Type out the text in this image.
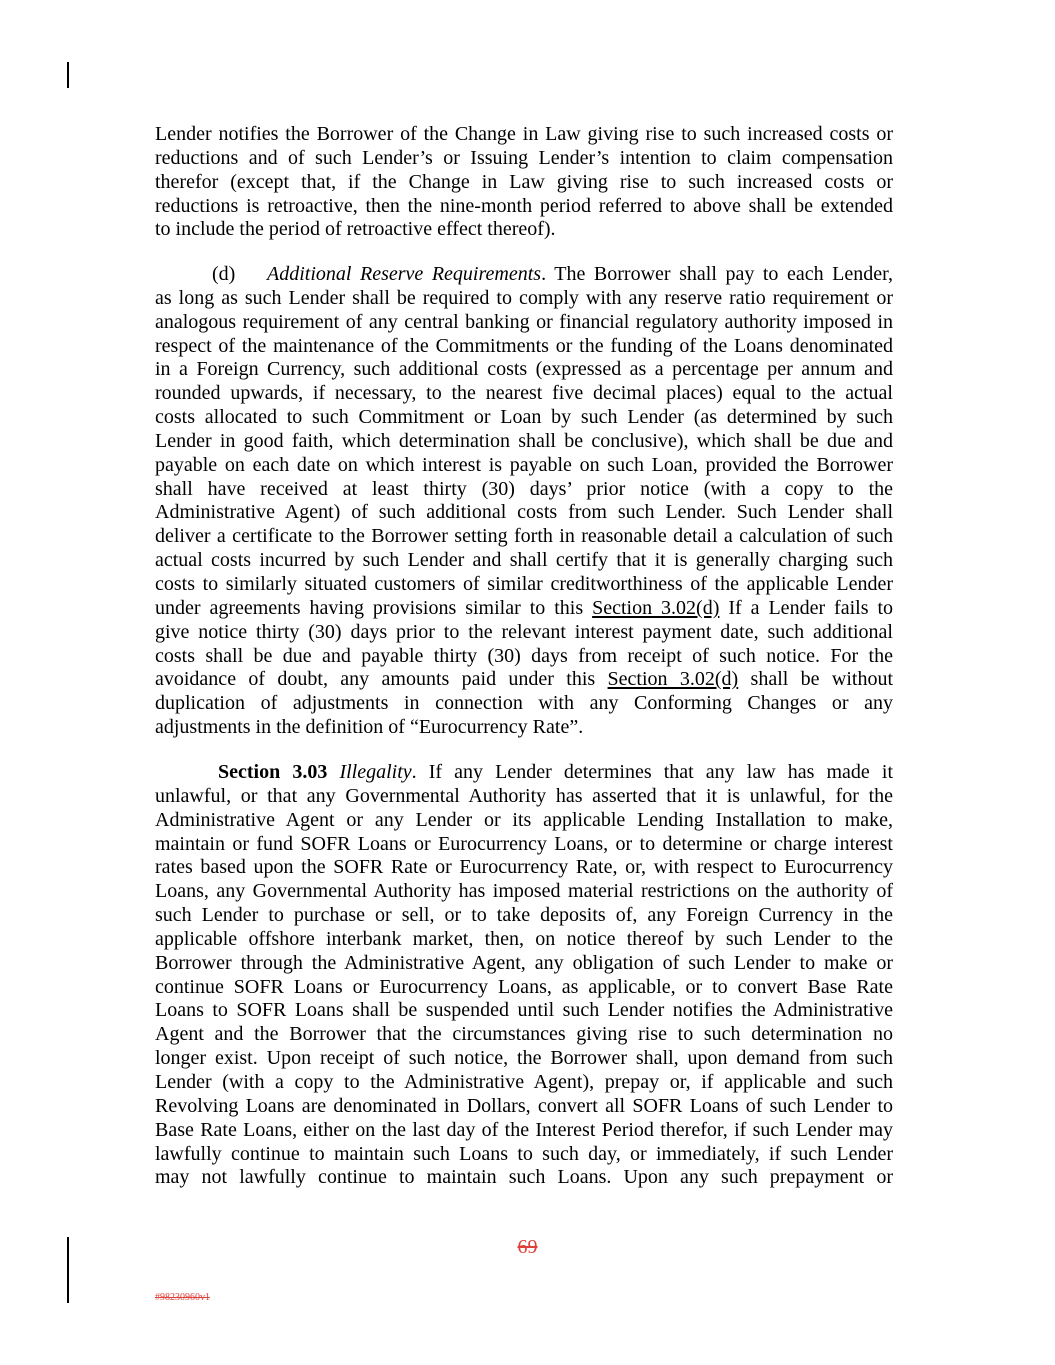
Lender notifies the Borrower of the Change in Law giving rise to such increased costs or
reductions and of such Lender’s or Issuing Lender’s intention to claim compensation
therefor (except that, if the Change in Law giving rise to such increased costs or
reductions is retroactive, then the nine-month period referred to above shall be extended
to include the period of retroactive effect thereof).
(d) Additional Reserve Requirements. The Borrower shall pay to each Lender,
as long as such Lender shall be required to comply with any reserve ratio requirement or
analogous requirement of any central banking or financial regulatory authority imposed in
respect of the maintenance of the Commitments or the funding of the Loans denominated
in a Foreign Currency, such additional costs (expressed as a percentage per annum and
rounded upwards, if necessary, to the nearest five decimal places) equal to the actual
costs allocated to such Commitment or Loan by such Lender (as determined by such
Lender in good faith, which determination shall be conclusive), which shall be due and
payable on each date on which interest is payable on such Loan, provided the Borrower
shall have received at least thirty (30) days’ prior notice (with a copy to the
Administrative Agent) of such additional costs from such Lender. Such Lender shall
deliver a certificate to the Borrower setting forth in reasonable detail a calculation of such
actual costs incurred by such Lender and shall certify that it is generally charging such
costs to similarly situated customers of similar creditworthiness of the applicable Lender
under agreements having provisions similar to this Section 3.02(d) If a Lender fails to
give notice thirty (30) days prior to the relevant interest payment date, such additional
costs shall be due and payable thirty (30) days from receipt of such notice. For the
avoidance of doubt, any amounts paid under this Section 3.02(d) shall be without
duplication of adjustments in connection with any Conforming Changes or any
adjustments in the definition of “Eurocurrency Rate”.
Section 3.03 Illegality. If any Lender determines that any law has made it
unlawful, or that any Governmental Authority has asserted that it is unlawful, for the
Administrative Agent or any Lender or its applicable Lending Installation to make,
maintain or fund SOFR Loans or Eurocurrency Loans, or to determine or charge interest
rates based upon the SOFR Rate or Eurocurrency Rate, or, with respect to Eurocurrency
Loans, any Governmental Authority has imposed material restrictions on the authority of
such Lender to purchase or sell, or to take deposits of, any Foreign Currency in the
applicable offshore interbank market, then, on notice thereof by such Lender to the
Borrower through the Administrative Agent, any obligation of such Lender to make or
continue SOFR Loans or Eurocurrency Loans, as applicable, or to convert Base Rate
Loans to SOFR Loans shall be suspended until such Lender notifies the Administrative
Agent and the Borrower that the circumstances giving rise to such determination no
longer exist. Upon receipt of such notice, the Borrower shall, upon demand from such
Lender (with a copy to the Administrative Agent), prepay or, if applicable and such
Revolving Loans are denominated in Dollars, convert all SOFR Loans of such Lender to
Base Rate Loans, either on the last day of the Interest Period therefor, if such Lender may
lawfully continue to maintain such Loans to such day, or immediately, if such Lender
may not lawfully continue to maintain such Loans. Upon any such prepayment or
69
#98230960v1
